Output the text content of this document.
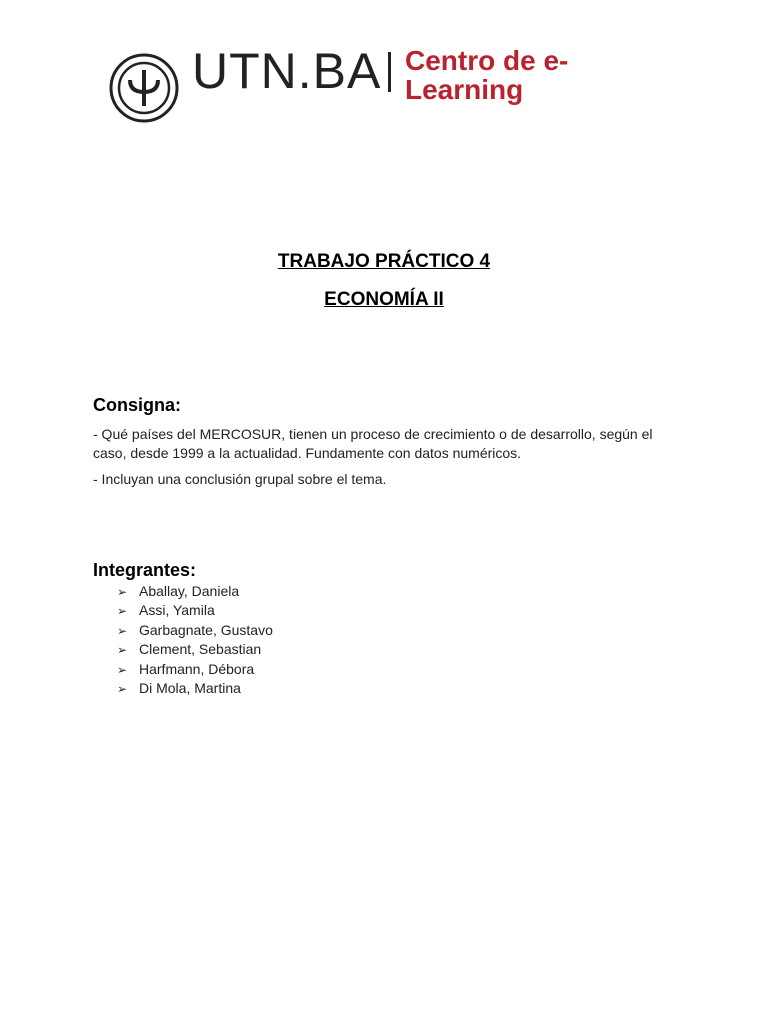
UTN.BA Centro de e-Learning
TRABAJO PRÁCTICO 4
ECONOMÍA II
Consigna:
- Qué países del MERCOSUR, tienen un proceso de crecimiento o de desarrollo, según el caso, desde 1999 a la actualidad. Fundamente con datos numéricos.
- Incluyan una conclusión grupal sobre el tema.
Integrantes:
➢ Aballay, Daniela
➢ Assi, Yamila
➢ Garbagnate, Gustavo
➢ Clement, Sebastian
➢ Harfmann, Débora
➢ Di Mola, Martina
